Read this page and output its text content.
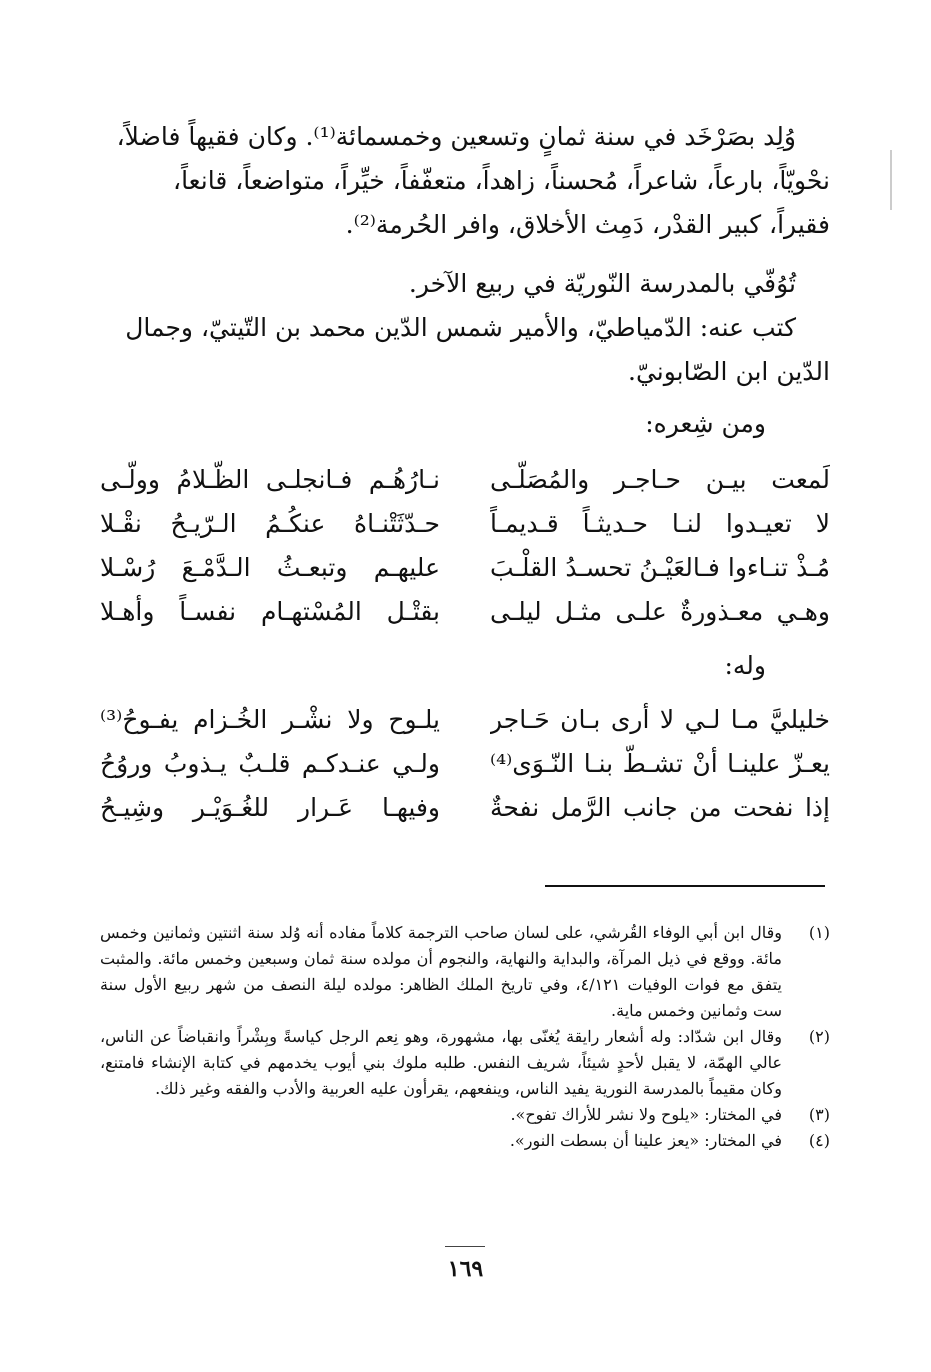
وُلِد بصَرْخَد في سنة ثمانٍ وتسعين وخمسمائة⁽¹⁾. وكان فقيهاً فاضلاً،

نحْويّاً، بارعاً، شاعراً، مُحسناً، زاهداً، متعفّفاً، خيِّراً، متواضعاً، قانعاً،

فقيراً، كبير القدْر، دَمِث الأخلاق، وافر الحُرمة⁽²⁾.

تُوُفّي بالمدرسة النّوريّة في ربيع الآخر.

كتب عنه: الدّمياطيّ، والأمير شمس الدّين محمد بن التّيتيّ، وجمال

الدّين ابن الصّابونيّ.

ومن شِعره:
لَمعت بيـن حـاجـر والمُصَلّـى
نـارُهُـم فـانجلـى الظّـلامُ وولّـى
لا تعيـدوا لنـا حـديثـاً قـديمـاً
حـدّثَتْنـاهُ عنكُـمُ الـرّيـحُ نقْـلا
مُـذْ تنـاءوا فـالعَيْـنُ تحسـدُ القلْـبَ
عليهـم وتبعـثُ الـدَّمْـعَ رُسْـلا
وهـي معـذورةٌ علـى مثـل ليلـى
بقتْـل المُسْتهـام نفسـاً وأهـلا
وله:
خليليَّ مـا لـي لا أرى بـان حَـاجر
يلـوح ولا نشْـر الخُـزام يفـوحُ⁽³⁾
يعـزّ علينـا أنْ تشـطّ بنـا النّـوَى⁽⁴⁾
ولـي عنـدكـم قلـبٌ يـذوبُ وروُحُ
إذا نفحت من جانب الرَّمل نفحةٌ
وفيهـا عَـرار للغُـوَيْـر وشِيـحُ
(١)
وقال ابن أبي الوفاء القُرشي، على لسان صاحب الترجمة كلاماً مفاده أنه وُلد سنة اثنتين وثمانين وخمس مائة. ووقع في ذيل المرآة، والبداية والنهاية، والنجوم أن مولده سنة ثمان وسبعين وخمس مائة. والمثبت يتفق مع فوات الوفيات ٤/١٢١، وفي تاريخ الملك الظاهر: مولده ليلة النصف من شهر ربيع الأول سنة ست وثمانين وخمس ماية.
(٢)
وقال ابن شدّاد: وله أشعار رايقة يُغنّى بها، مشهورة، وهو نِعم الرجل كياسةً وبِشْراً وانقباضاً عن الناس، عالي الهمّة، لا يقبل لأحدٍ شيئاً، شريف النفس. طلبه ملوك بني أيوب يخدمهم في كتابة الإنشاء فامتنع، وكان مقيماً بالمدرسة النورية يفيد الناس، وينفعهم، يقرأون عليه العربية والأدب والفقه وغير ذلك.
(٣)
في المختار: «يلوح ولا نشر للأراك تفوح».
(٤)
في المختار: «يعز علينا أن بسطت النور».
١٦٩
